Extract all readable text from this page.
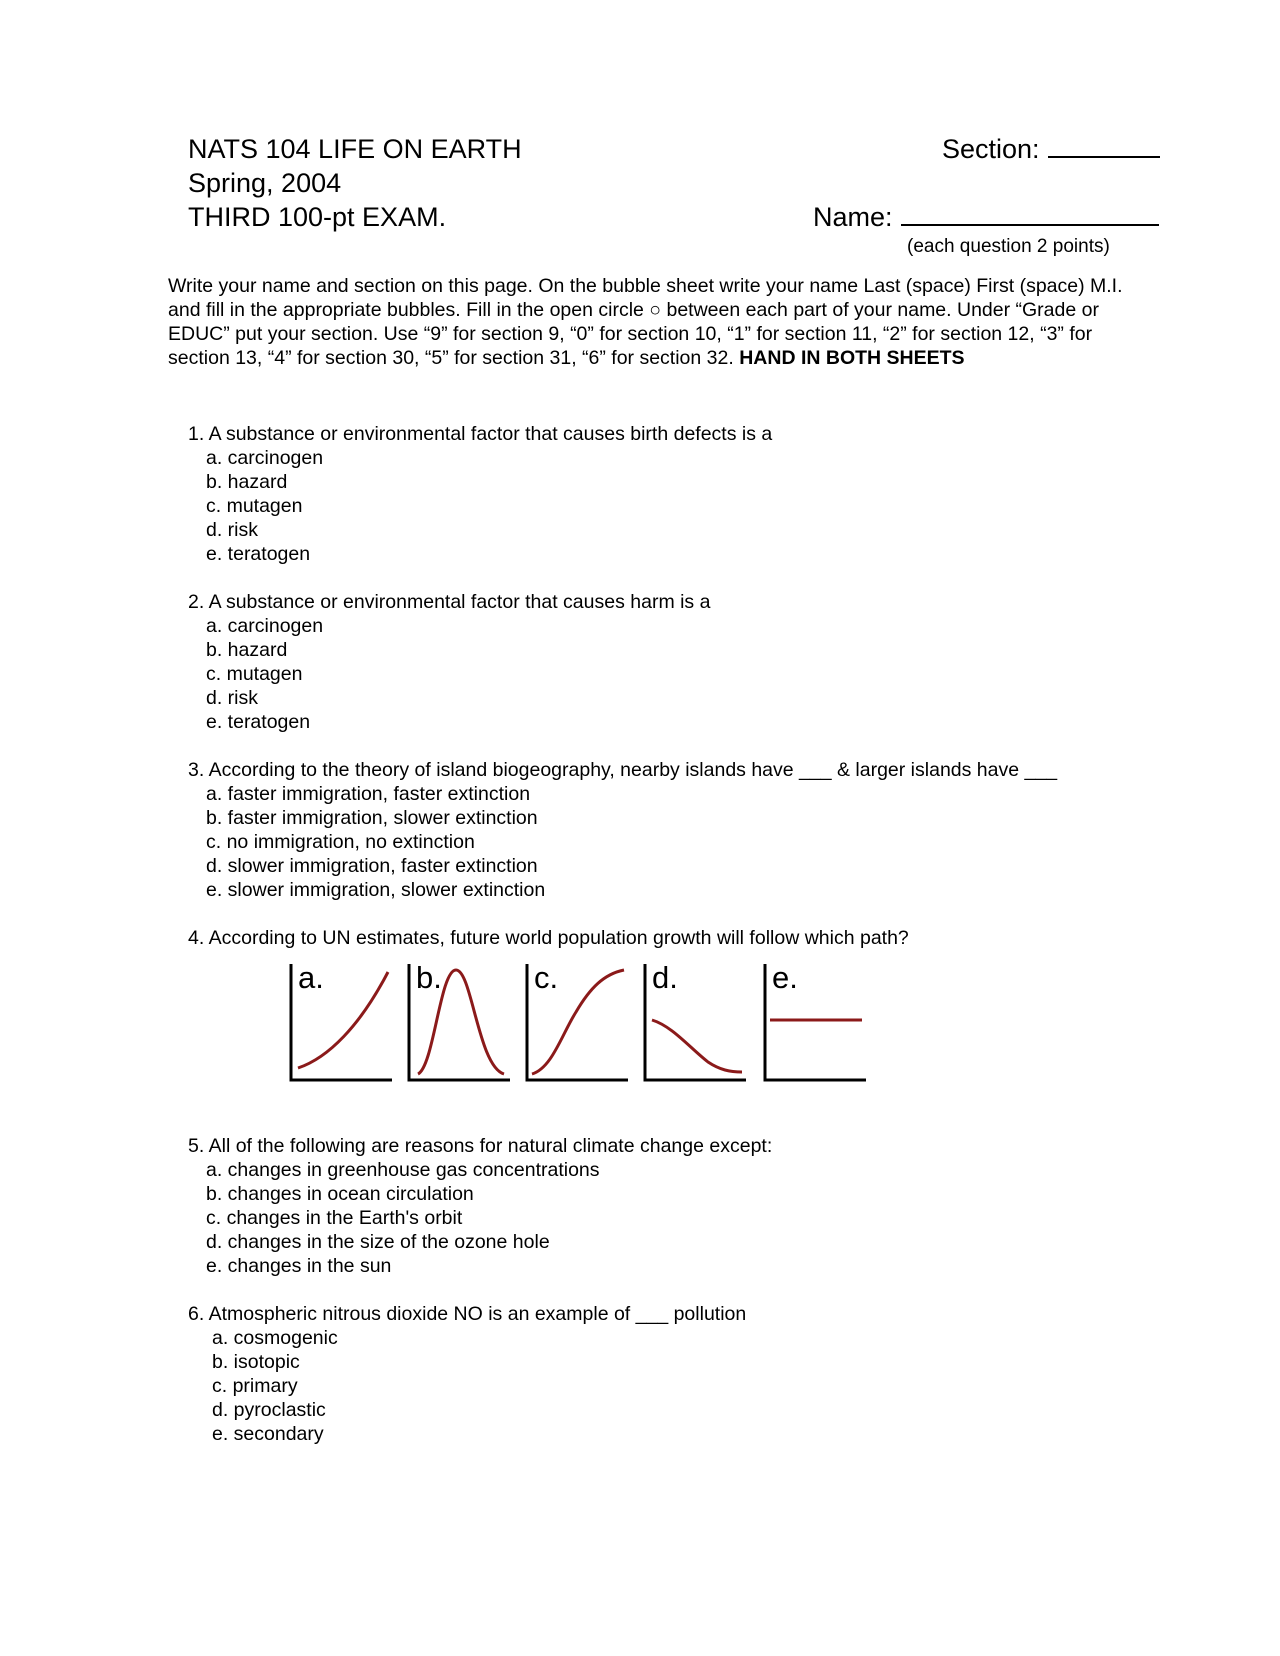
NATS 104 LIFE ON EARTH
Spring, 2004
THIRD 100-pt EXAM.
Section:
Name:
(each question 2 points)
Write your name and section on this page. On the bubble sheet write your name Last (space) First (space) M.I. and fill in the appropriate bubbles. Fill in the open circle ○ between each part of your name. Under “Grade or EDUC” put your section. Use “9” for section 9, “0” for section 10, “1” for section 11, “2” for section 12, “3” for section 13, “4” for section 30, “5” for section 31, “6” for section 32. HAND IN BOTH SHEETS
1. A substance or environmental factor that causes birth defects is a
a. carcinogen
b. hazard
c. mutagen
d. risk
e. teratogen
2. A substance or environmental factor that causes harm is a
a. carcinogen
b. hazard
c. mutagen
d. risk
e. teratogen
3. According to the theory of island biogeography, nearby islands have ___ & larger islands have ___
a. faster immigration, faster extinction
b. faster immigration, slower extinction
c. no immigration, no extinction
d. slower immigration, faster extinction
e. slower immigration, slower extinction
4. According to UN estimates, future world population growth will follow which path?
a.	b.	c.	d.	e.
5. All of the following are reasons for natural climate change except:
a. changes in greenhouse gas concentrations
b. changes in ocean circulation
c. changes in the Earth's orbit
d. changes in the size of the ozone hole
e. changes in the sun
6. Atmospheric nitrous dioxide NO is an example of ___ pollution
a. cosmogenic
b. isotopic
c. primary
d. pyroclastic
e. secondary
